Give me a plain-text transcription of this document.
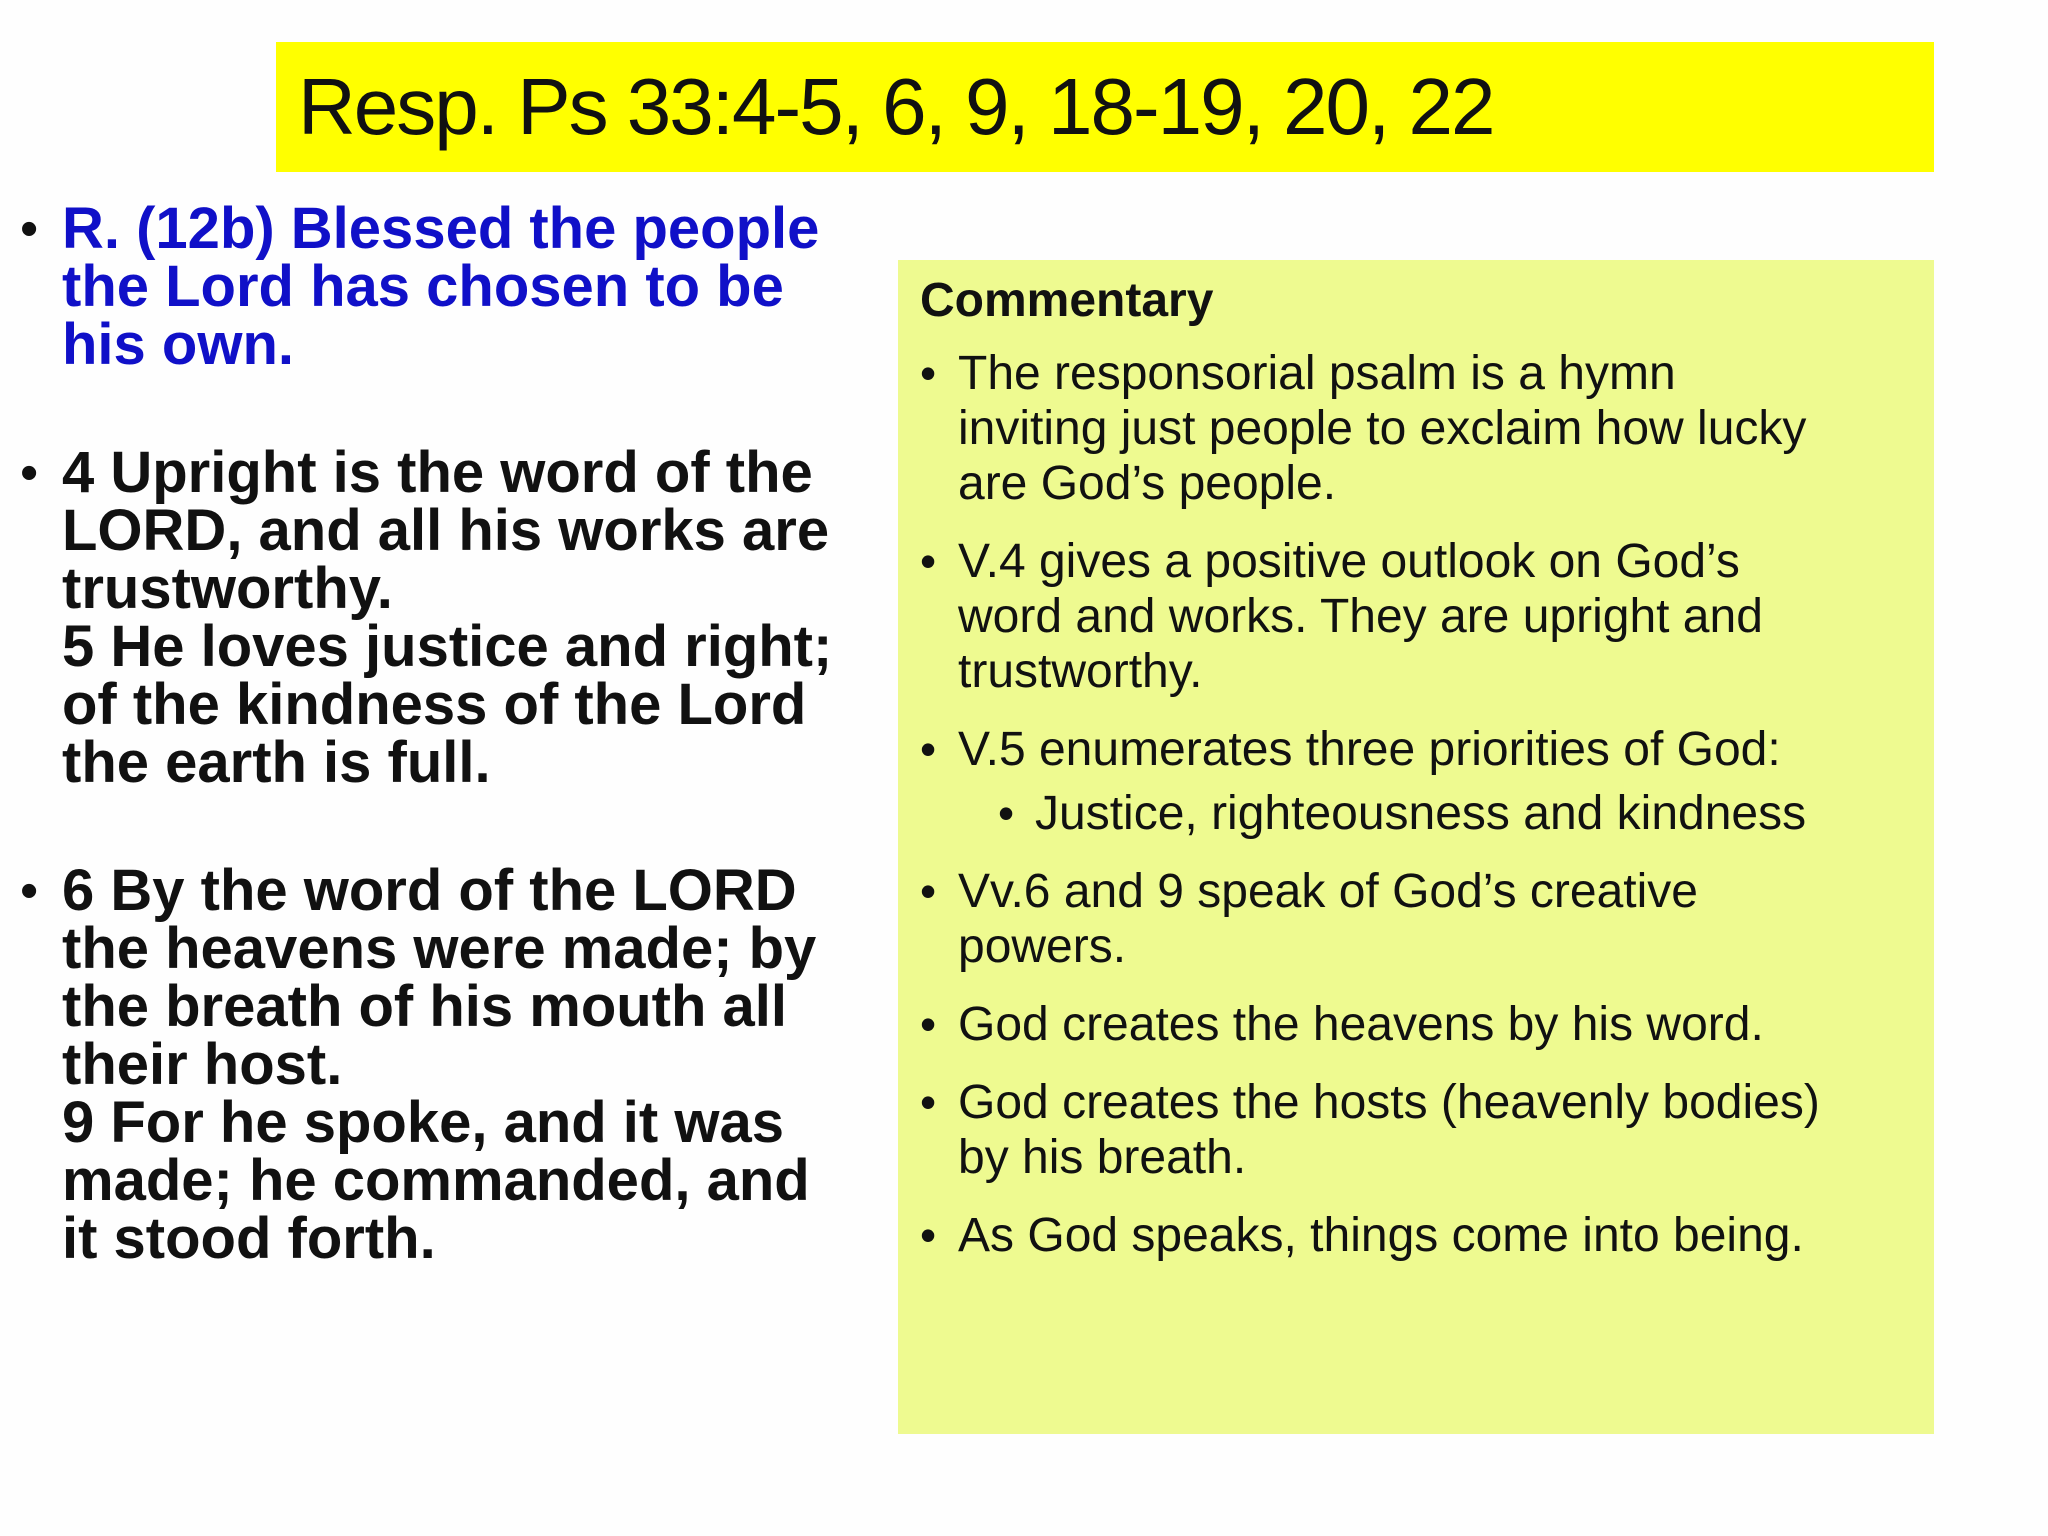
Resp. Ps 33:4-5, 6, 9, 18-19, 20, 22
• R. (12b) Blessed the people
the Lord has chosen to be
his own.
• 4 Upright is the word of the
LORD, and all his works are
trustworthy.
5 He loves justice and right;
of the kindness of the Lord
the earth is full.
• 6 By the word of the LORD
the heavens were made; by
the breath of his mouth all
their host.
9 For he spoke, and it was
made; he commanded, and
it stood forth.
Commentary
• The responsorial psalm is a hymn
inviting just people to exclaim how lucky
are God’s people.
• V.4 gives a positive outlook on God’s
word and works. They are upright and
trustworthy.
• V.5 enumerates three priorities of God:
• Justice, righteousness and kindness
• Vv.6 and 9 speak of God’s creative
powers.
• God creates the heavens by his word.
• God creates the hosts (heavenly bodies)
by his breath.
• As God speaks, things come into being.
